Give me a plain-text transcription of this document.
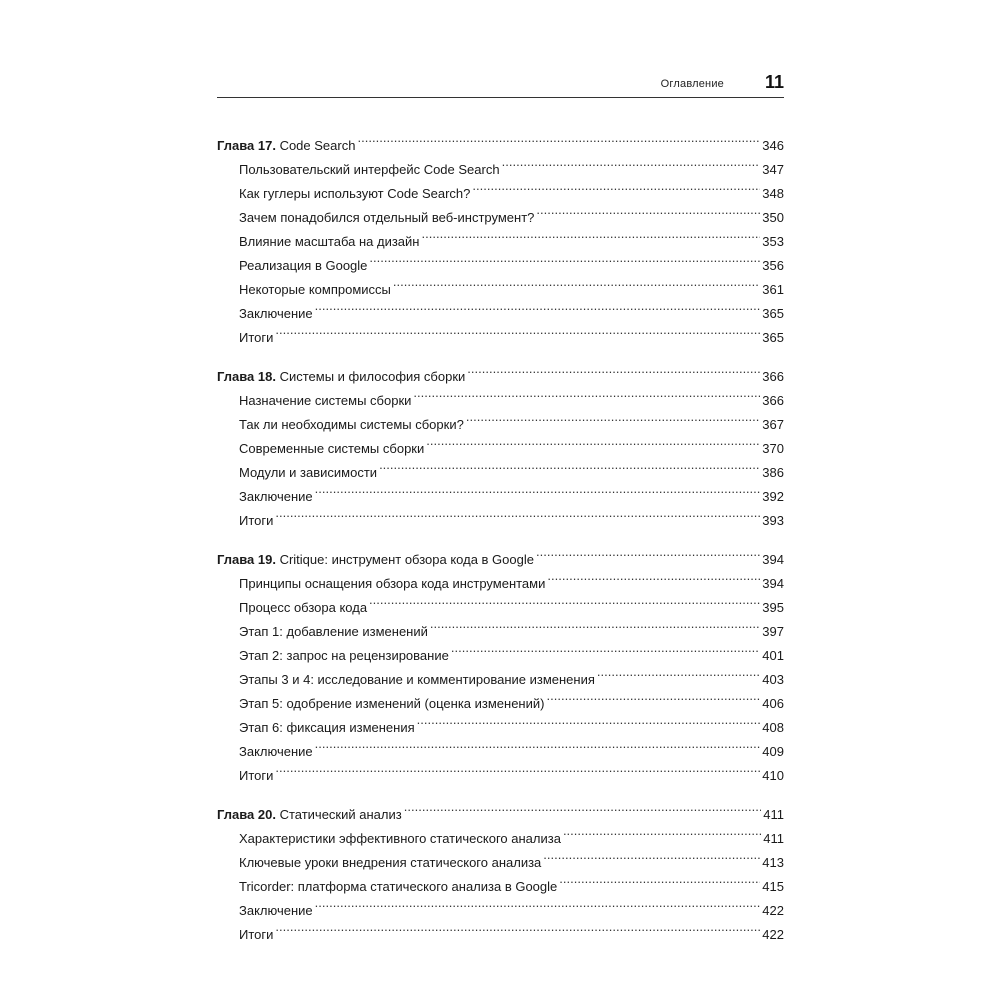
Оглавление 11
Глава 17. Code Search . . .	346
Пользовательский интерфейс Code Search . . .	347
Как гуглеры используют Code Search? . . .	348
Зачем понадобился отдельный веб-инструмент? . . .	350
Влияние масштаба на дизайн . . .	353
Реализация в Google . . .	356
Некоторые компромиссы . . .	361
Заключение . . .	365
Итоги . . .	365
Глава 18. Системы и философия сборки . . .	366
Назначение системы сборки . . .	366
Так ли необходимы системы сборки? . . .	367
Современные системы сборки . . .	370
Модули и зависимости . . .	386
Заключение . . .	392
Итоги . . .	393
Глава 19. Critique: инструмент обзора кода в Google . . .	394
Принципы оснащения обзора кода инструментами . . .	394
Процесс обзора кода . . .	395
Этап 1: добавление изменений . . .	397
Этап 2: запрос на рецензирование . . .	401
Этапы 3 и 4: исследование и комментирование изменения . . .	403
Этап 5: одобрение изменений (оценка изменений) . . .	406
Этап 6: фиксация изменения . . .	408
Заключение . . .	409
Итоги . . .	410
Глава 20. Статический анализ . . .	411
Характеристики эффективного статического анализа . . .	411
Ключевые уроки внедрения статического анализа . . .	413
Tricorder: платформа статического анализа в Google . . .	415
Заключение . . .	422
Итоги . . .	422
